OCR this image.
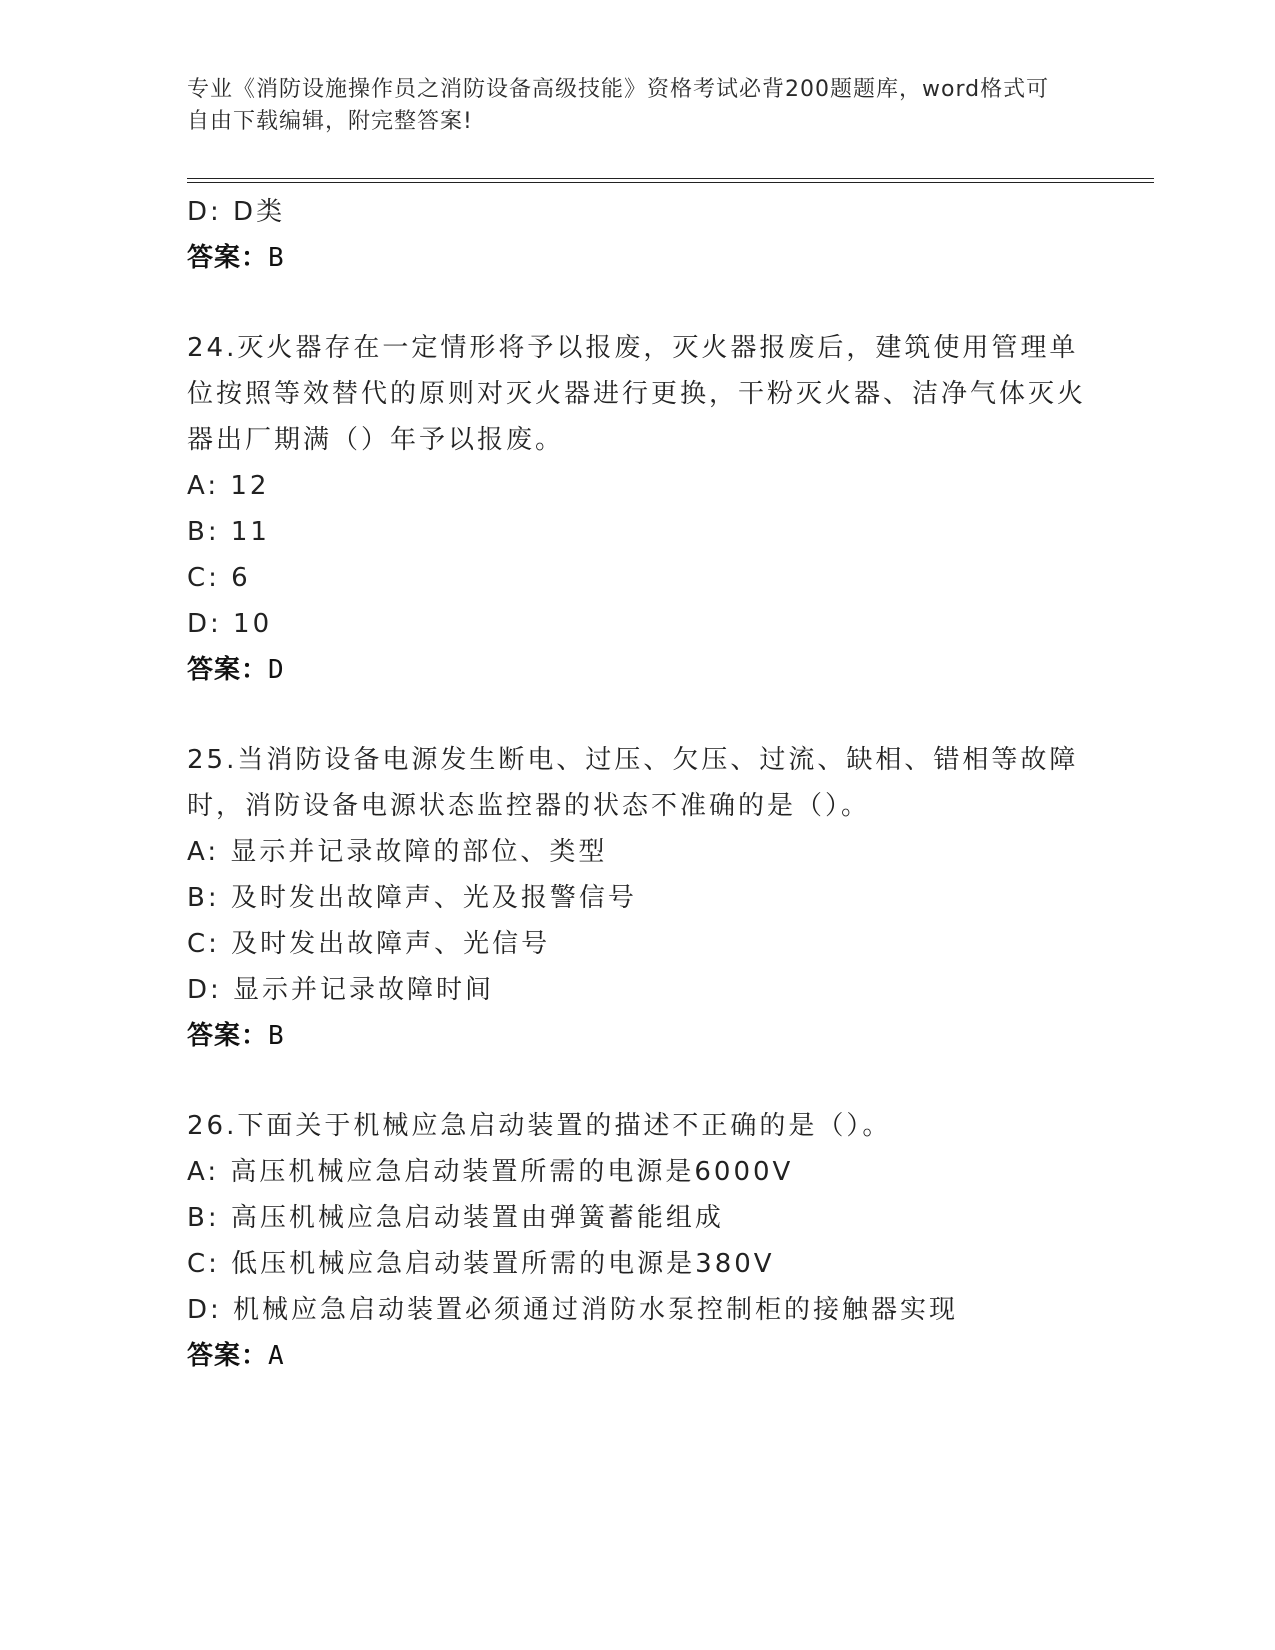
专业《消防设施操作员之消防设备高级技能》资格考试必背200题题库，word格式可自由下载编辑，附完整答案!
D: D类
答案：B
24.灭火器存在一定情形将予以报废，灭火器报废后，建筑使用管理单位按照等效替代的原则对灭火器进行更换，干粉灭火器、洁净气体灭火器出厂期满（）年予以报废。
A: 12
B: 11
C: 6
D: 10
答案：D
25.当消防设备电源发生断电、过压、欠压、过流、缺相、错相等故障时，消防设备电源状态监控器的状态不准确的是（）。
A: 显示并记录故障的部位、类型
B: 及时发出故障声、光及报警信号
C: 及时发出故障声、光信号
D: 显示并记录故障时间
答案：B
26.下面关于机械应急启动装置的描述不正确的是（）。
A: 高压机械应急启动装置所需的电源是6000V
B: 高压机械应急启动装置由弹簧蓄能组成
C: 低压机械应急启动装置所需的电源是380V
D: 机械应急启动装置必须通过消防水泵控制柜的接触器实现
答案：A
